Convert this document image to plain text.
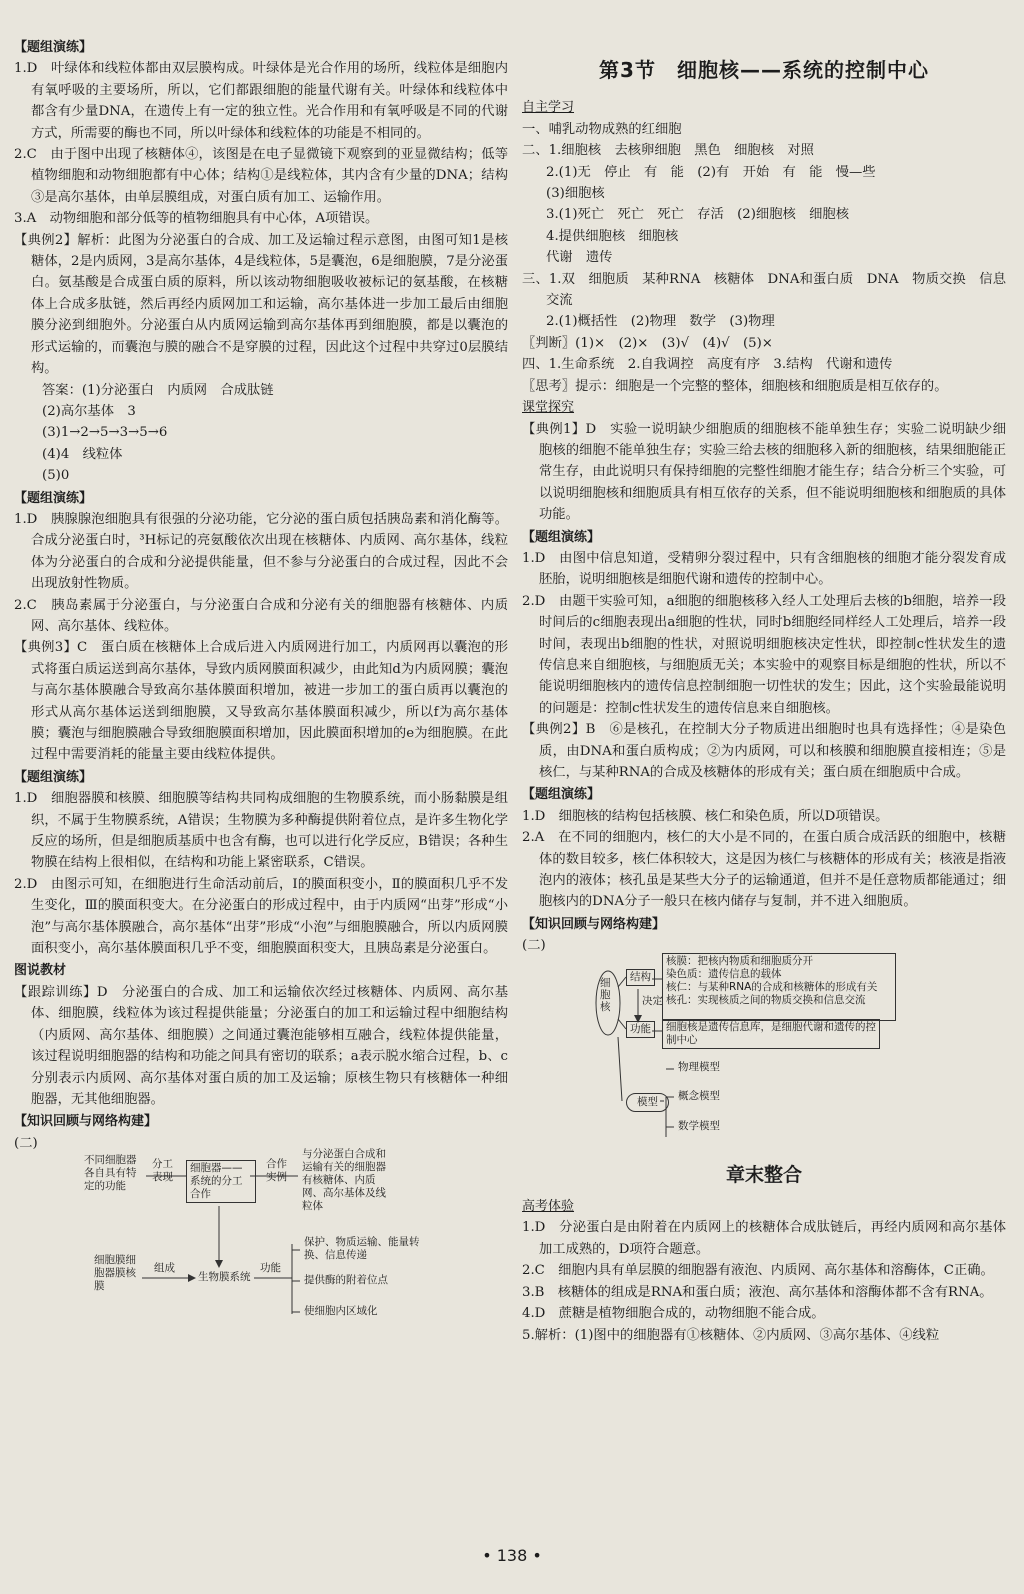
【题组演练】

1.D　叶绿体和线粒体都由双层膜构成。叶绿体是光合作用的场所，线粒体是细胞内有氧呼吸的主要场所，所以，它们都跟细胞的能量代谢有关。叶绿体和线粒体中都含有少量DNA，在遗传上有一定的独立性。光合作用和有氧呼吸是不同的代谢方式，所需要的酶也不同，所以叶绿体和线粒体的功能是不相同的。

2.C　由于图中出现了核糖体④，该图是在电子显微镜下观察到的亚显微结构；低等植物细胞和动物细胞都有中心体；结构①是线粒体，其内含有少量的DNA；结构③是高尔基体，由单层膜组成，对蛋白质有加工、运输作用。

3.A　动物细胞和部分低等的植物细胞具有中心体，A项错误。

【典例2】解析：此图为分泌蛋白的合成、加工及运输过程示意图，由图可知1是核糖体，2是内质网，3是高尔基体，4是线粒体，5是囊泡，6是细胞膜，7是分泌蛋白。氨基酸是合成蛋白质的原料，所以该动物细胞吸收被标记的氨基酸，在核糖体上合成多肽链，然后再经内质网加工和运输，高尔基体进一步加工最后由细胞膜分泌到细胞外。分泌蛋白从内质网运输到高尔基体再到细胞膜，都是以囊泡的形式运输的，而囊泡与膜的融合不是穿膜的过程，因此这个过程中共穿过0层膜结构。

答案：(1)分泌蛋白　内质网　合成肽链

(2)高尔基体　3

(3)1→2→5→3→5→6

(4)4　线粒体

(5)0

【题组演练】

1.D　胰腺腺泡细胞具有很强的分泌功能，它分泌的蛋白质包括胰岛素和消化酶等。合成分泌蛋白时，³H标记的亮氨酸依次出现在核糖体、内质网、高尔基体，线粒体为分泌蛋白的合成和分泌提供能量，但不参与分泌蛋白的合成过程，因此不会出现放射性物质。

2.C　胰岛素属于分泌蛋白，与分泌蛋白合成和分泌有关的细胞器有核糖体、内质网、高尔基体、线粒体。

【典例3】C　蛋白质在核糖体上合成后进入内质网进行加工，内质网再以囊泡的形式将蛋白质运送到高尔基体，导致内质网膜面积减少，由此知d为内质网膜；囊泡与高尔基体膜融合导致高尔基体膜面积增加，被进一步加工的蛋白质再以囊泡的形式从高尔基体运送到细胞膜，又导致高尔基体膜面积减少，所以f为高尔基体膜；囊泡与细胞膜融合导致细胞膜面积增加，因此膜面积增加的e为细胞膜。在此过程中需要消耗的能量主要由线粒体提供。

【题组演练】

1.D　细胞器膜和核膜、细胞膜等结构共同构成细胞的生物膜系统，而小肠黏膜是组织，不属于生物膜系统，A错误；生物膜为多种酶提供附着位点，是许多生物化学反应的场所，但是细胞质基质中也含有酶，也可以进行化学反应，B错误；各种生物膜在结构上很相似，在结构和功能上紧密联系，C错误。

2.D　由图示可知，在细胞进行生命活动前后，Ⅰ的膜面积变小，Ⅱ的膜面积几乎不发生变化，Ⅲ的膜面积变大。在分泌蛋白的形成过程中，由于内质网“出芽”形成“小泡”与高尔基体膜融合，高尔基体“出芽”形成“小泡”与细胞膜融合，所以内质网膜面积变小，高尔基体膜面积几乎不变，细胞膜面积变大，且胰岛素是分泌蛋白。

图说教材

【跟踪训练】D　分泌蛋白的合成、加工和运输依次经过核糖体、内质网、高尔基体、细胞膜，线粒体为该过程提供能量；分泌蛋白的加工和运输过程中细胞结构（内质网、高尔基体、细胞膜）之间通过囊泡能够相互融合，线粒体提供能量，该过程说明细胞器的结构和功能之间具有密切的联系；a表示脱水缩合过程，b、c分别表示内质网、高尔基体对蛋白质的加工及运输；原核生物只有核糖体一种细胞器，无其他细胞器。

【知识回顾与网络构建】

(二)

不同细胞器各自具有特定的功能
分工表现
细胞器——系统的分工合作
合作实例
与分泌蛋白合成和运输有关的细胞器有核糖体、内质网、高尔基体及线粒体
细胞膜细胞器膜核膜
组成
生物膜系统
功能
保护、物质运输、能量转换、信息传递
提供酶的附着位点
使细胞内区域化
第3节　细胞核——系统的控制中心

自主学习

一、哺乳动物成熟的红细胞

二、1.细胞核　去核卵细胞　黑色　细胞核　对照

2.(1)无　停止　有　能　(2)有　开始　有　能　慢—些

(3)细胞核

3.(1)死亡　死亡　死亡　存活　(2)细胞核　细胞核

4.提供细胞核　细胞核

代谢　遗传

三、1.双　细胞质　某种RNA　核糖体　DNA和蛋白质　DNA　物质交换　信息交流

2.(1)概括性　(2)物理　数学　(3)物理

〖判断〗(1)×　(2)×　(3)√　(4)√　(5)×

四、1.生命系统　2.自我调控　高度有序　3.结构　代谢和遗传

〖思考〗提示：细胞是一个完整的整体，细胞核和细胞质是相互依存的。

课堂探究

【典例1】D　实验一说明缺少细胞质的细胞核不能单独生存；实验二说明缺少细胞核的细胞不能单独生存；实验三给去核的细胞移入新的细胞核，结果细胞能正常生存，由此说明只有保持细胞的完整性细胞才能生存；结合分析三个实验，可以说明细胞核和细胞质具有相互依存的关系，但不能说明细胞核和细胞质的具体功能。

【题组演练】

1.D　由图中信息知道，受精卵分裂过程中，只有含细胞核的细胞才能分裂发育成胚胎，说明细胞核是细胞代谢和遗传的控制中心。

2.D　由题干实验可知，a细胞的细胞核移入经人工处理后去核的b细胞，培养一段时间后的c细胞表现出a细胞的性状，同时b细胞经同样经人工处理后，培养一段时间，表现出b细胞的性状，对照说明细胞核决定性状，即控制c性状发生的遗传信息来自细胞核，与细胞质无关；本实验中的观察目标是细胞的性状，所以不能说明细胞核内的遗传信息控制细胞一切性状的发生；因此，这个实验最能说明的问题是：控制c性状发生的遗传信息来自细胞核。

【典例2】B　⑥是核孔，在控制大分子物质进出细胞时也具有选择性；④是染色质，由DNA和蛋白质构成；②为内质网，可以和核膜和细胞膜直接相连；⑤是核仁，与某种RNA的合成及核糖体的形成有关；蛋白质在细胞质中合成。

【题组演练】

1.D　细胞核的结构包括核膜、核仁和染色质，所以D项错误。

2.A　在不同的细胞内，核仁的大小是不同的，在蛋白质合成活跃的细胞中，核糖体的数目较多，核仁体积较大，这是因为核仁与核糖体的形成有关；核液是指液泡内的液体；核孔虽是某些大分子的运输通道，但并不是任意物质都能通过；细胞核内的DNA分子一般只在核内储存与复制，并不进入细胞质。

【知识回顾与网络构建】

(二)

细胞核
结构
决定
功能
核膜：把核内物质和细胞质分开
染色质：遗传信息的载体
核仁：与某种RNA的合成和核糖体的形成有关
核孔：实现核质之间的物质交换和信息交流
细胞核是遗传信息库，是细胞代谢和遗传的控制中心
模型
物理模型
概念模型
数学模型
章末整合

高考体验

1.D　分泌蛋白是由附着在内质网上的核糖体合成肽链后，再经内质网和高尔基体加工成熟的，D项符合题意。

2.C　细胞内具有单层膜的细胞器有液泡、内质网、高尔基体和溶酶体，C正确。

3.B　核糖体的组成是RNA和蛋白质；液泡、高尔基体和溶酶体都不含有RNA。

4.D　蔗糖是植物细胞合成的，动物细胞不能合成。

5.解析：(1)图中的细胞器有①核糖体、②内质网、③高尔基体、④线粒

• 138 •
